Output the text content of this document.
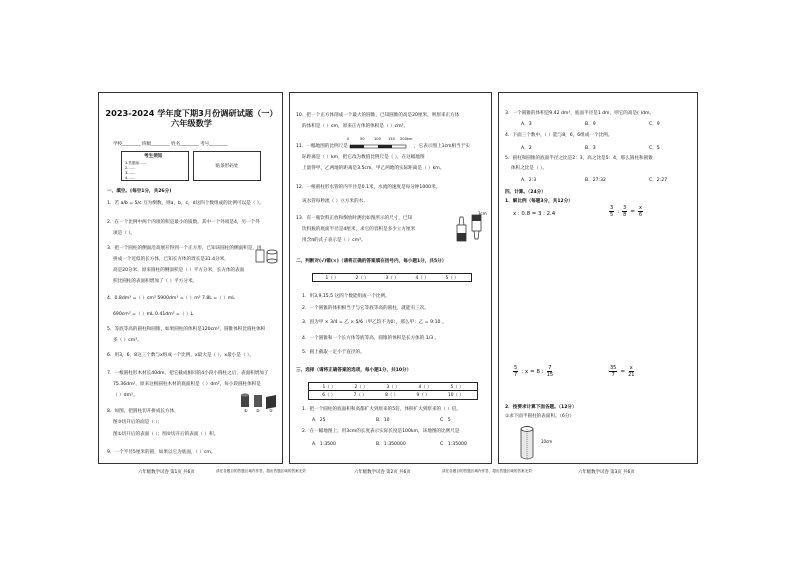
2023-2024 学年度下期3月份调研试题（一）
六年级数学
学校________ 班级________ 姓名________ 考号________
考生须知
1.答题前……
2.……
3.……
4.……
贴条形码处
一、填空。(每空1分，共26分)
1．若 a/b = 5/c 互为倒数，则a，b，c，d这四个数组成的比例可以是（ ）。
2．在一个比例中两个内项的积是最小的质数，其中一个外项是4，另一个外
项是（ ）。
3．把一个圆柱的侧面沿高展开得到一个正方形，已知该圆柱的侧面积是，再
拼成一个近似的长方体，已知长方体的周长是31.4分米，
高是20分米，原来圆柱的侧面积是（ ）平方分米，长方体的表面
积比圆柱的表面积增加了（ ）平方分米。
4．0.8dm³ =（ ）cm³ 5900dm³ =（ ）m³ 7.8L =（ ）mL
690cm³ =（ ）mL 0.41dm³ =（ ）L
5．等底等高的圆柱和圆锥，如果圆柱的体积是120cm³，圆锥体积比圆柱体积
多（ ）cm³。
6．用3，6，8这三个数与x组成一个比例，x最大是（ ），x最小是（ ）。
7．一根圆柱形木材长40dm，把它截成相同的4小段小圆柱之后，表面积增加了
75.36dm²，原来这根圆柱木材的底面积是（ ）dm²，每小段圆柱体积是
（ ）dm³。
8．如图，把圆柱切开拼成长方体，
图③切开后的面是（ ）；
图①切开后的表面（ ）；图②切开后的表面（ ）积。
① ② ③
9．一个半径5厘米的圆，如果以它为底面，（ ）cm。
10．把一个正方体削成一个最大的圆锥，已知圆锥的高是20厘米，则原来正方体
的体积是（ ）cm，原来正方体的体积是（ ）cm³。
11．一幅地图的比例尺是
0	50	100 150 200km
，它表示图上1cm相当于实
际距离是（ ）km，把它改为数值比例尺是（ ），在这幅地图
上量得甲、乙两地的距离是3.5cm，甲乙两地的实际距离是（ ）km。
12．一根圆柱形水管的内半径是0.1米，水流的速度是每分钟1000米。
该水管每秒流（ ）立方米的水。
13．有一瓶饮料正放和倒放时测出如图所示的尺寸，已知
饮料瓶的底面半径是4厘米，求它的容积是多少立方厘米
用含π的式子表示是（ ）cm³。
3cm
二、判断对(√)错(×)（请将正确的答案填在括号内，每小题1分，共5分）
1（ ）	2（ ）	3（ ）	4（ ）	5（ ）
1．用3,9,15,5 这四个数能组成一个比例。
2．一个圆锥的体积相当于与它等底等高的圆柱，就能有三次。
3．因为甲 × 3/4 = 乙 × 5/6（甲乙均不为0），那么甲：乙 = 9:10 。
4．一个圆锥和一个长方体等底等高，圆锥的体积是长方体的 1/3 。
5．圆上截取一定小于直径的。
三、选择（请将正确答案的选项，每小题1分，共10分）
1（ ）	2（ ）	3（ ）	4（ ）	5（ ）
6（ ）	7（ ）	8（ ）	9（ ）	10（ ）
1．把一个圆柱的底面积和高都扩大到原来的5倍，体积扩大到原来的（ ）倍。
A．25	B．10	C．5
2．在一幅地图上，用3cm的长度表示实际长度是100km，该地图的比例尺是
A．1:3500	B．1:350000	C．1:35000
3．一个圆锥的体积是9.42 dm³，底面半径是1 dm，则它的高是( )dm。
A．3	B．9	C．9
4．下面三个数中，（ ）能与8，6，6组成一个比例。
A．2	B．3	C．5
5．圆柱和圆锥的底面半径之比是2：3，高之比是5：4，那么圆柱和圆锥
体积之比是（ ）。
A．2:3	B．27:32	C．2:27
四、计算。（24分）
1．解比例（每题3分，共12分）
x : 0.8 = 3 : 2.4	$\frac{3}{5}$ : $\frac{3}{8} = \frac{x}{6}$
$\frac{5}{7}$ : x = 8 : $\frac{7}{15}$	$\frac{35}{7} = \frac{x}{21}$
2．按要求计算下面各题。（12分）
①求下面半圆柱的表面积。（6分）
10cm
六年级数学试卷 第1页 共6页	请在各题目的答题区域内作答，超出答题区域的答案无效	六年级数学试卷 第2页 共6页	请在各题目的答题区域内作答，超出答题区域的答案无效	六年级数学试卷 第3页 共6页
